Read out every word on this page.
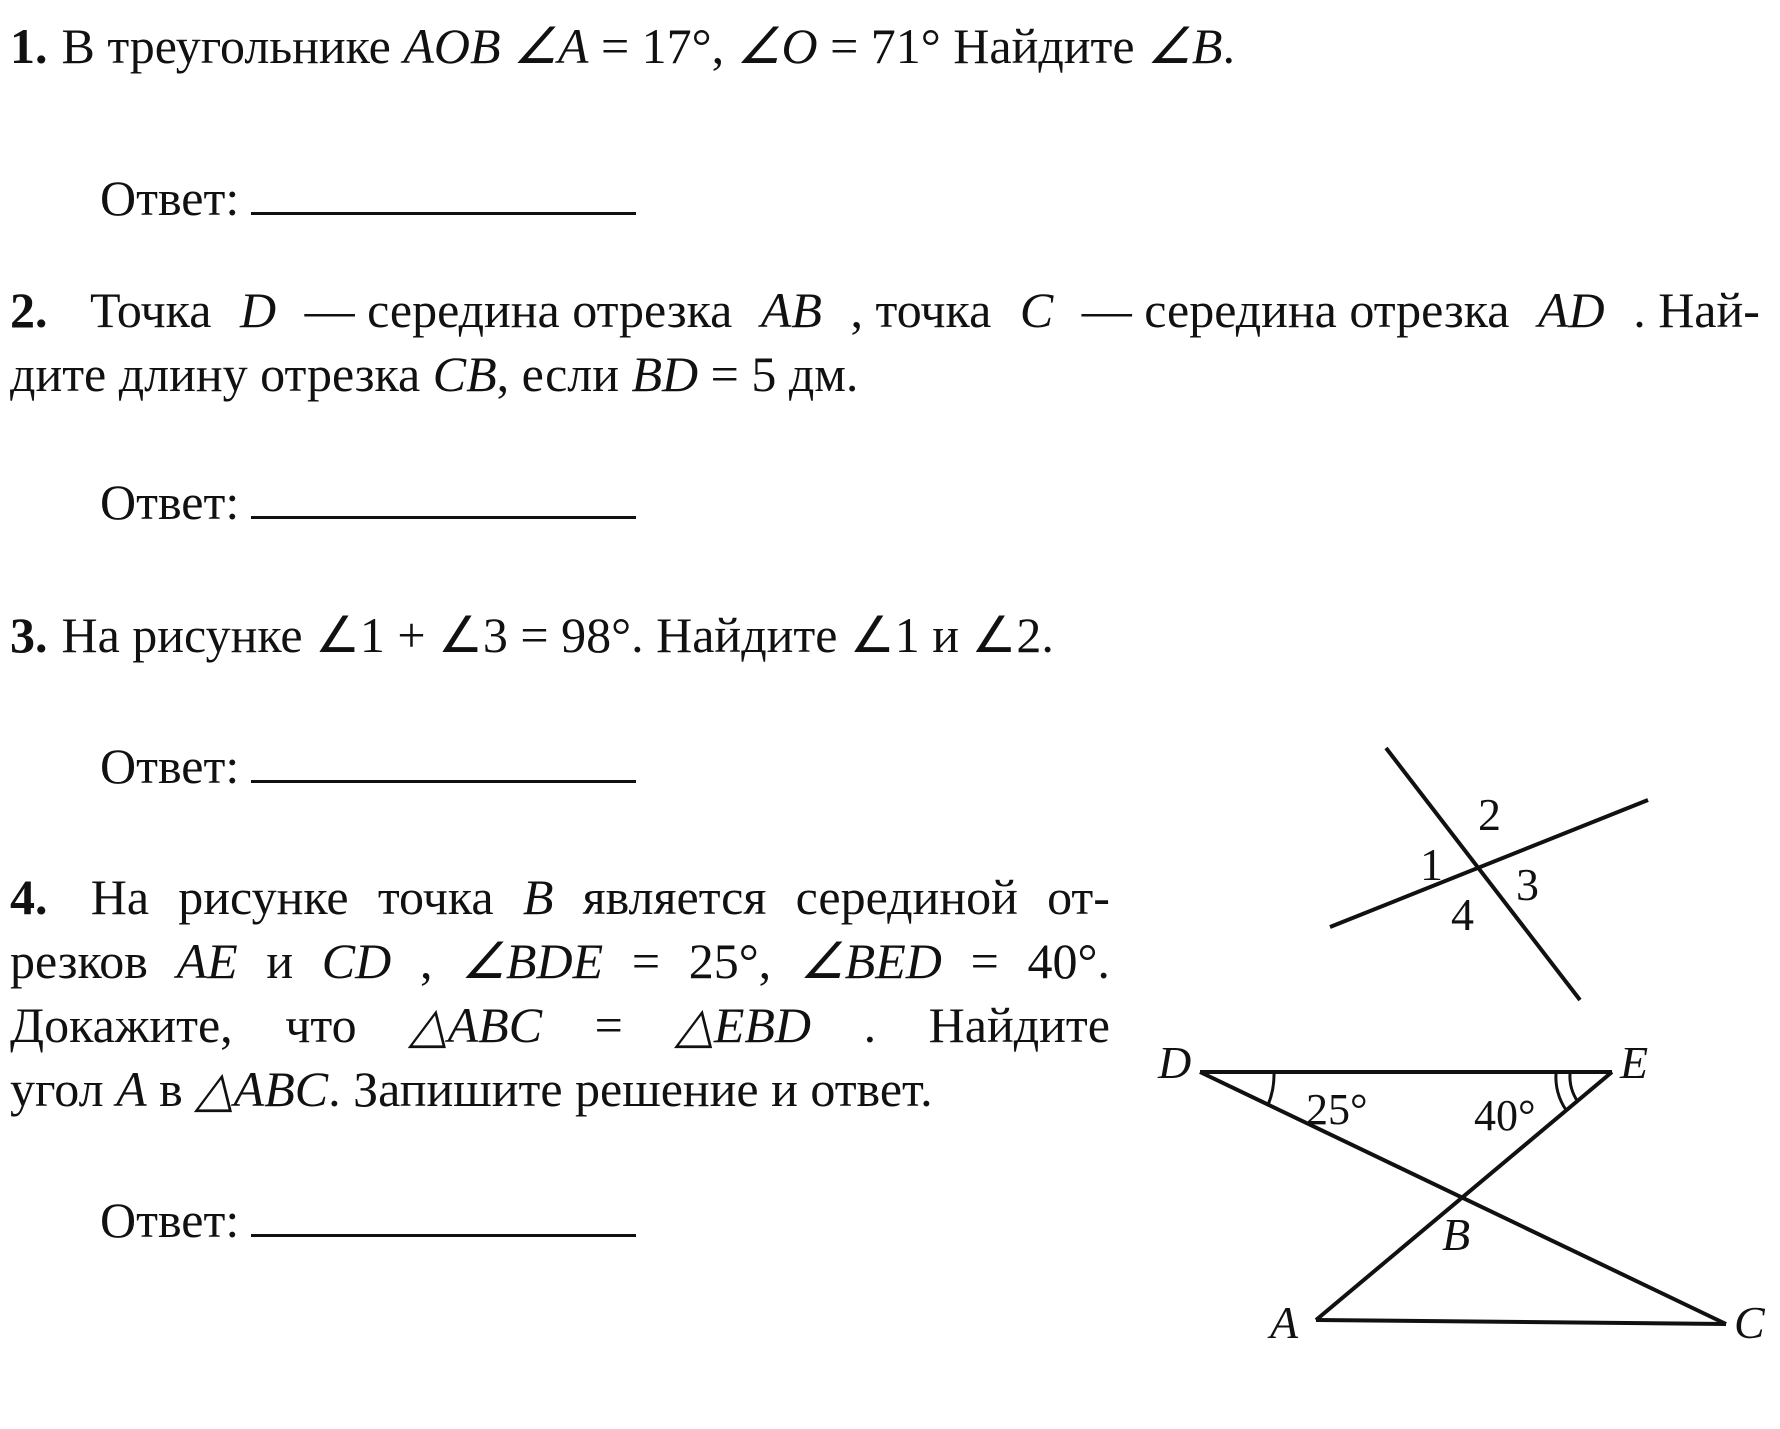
1. В треугольнике AOB ∠A = 17°, ∠O = 71° Найдите ∠B .
Ответ:
2. Точка D — середина отрезка AB , точка C — середина отрезка AD . Най-
дите длину отрезка CB , если BD = 5 дм.
Ответ:
3. На рисунке ∠1 + ∠3 = 98°. Найдите ∠1 и ∠2.
Ответ:
4. На рисунке точка B является серединой от-
резков AE и CD , ∠BDE = 25°, ∠BED = 40°.
Докажите, что △ABC = △EBD . Найдите
угол A в △ABC . Запишите решение и ответ.
Ответ:
1
2
3
4
D	E
B
A	C
25° 40°
